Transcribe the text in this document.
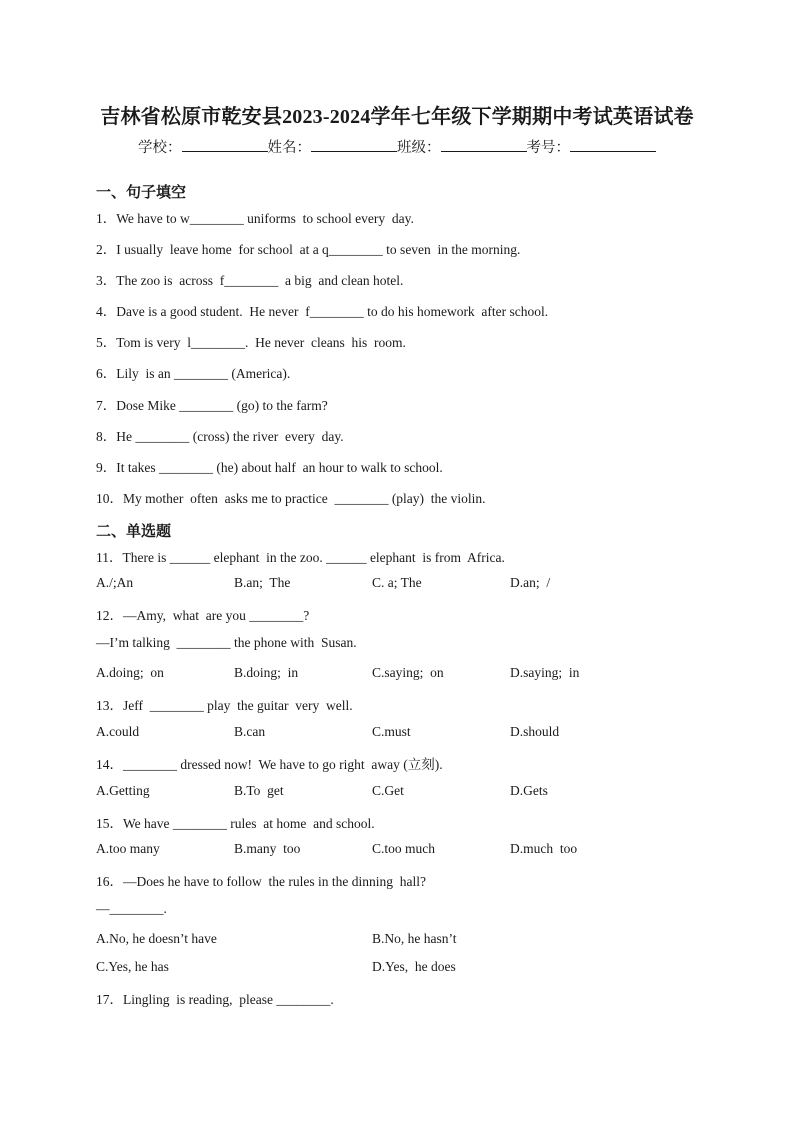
吉林省松原市乾安县2023-2024学年七年级下学期期中考试英语试卷
学校：	姓名：	班级：	考号：
一、句子填空
1．We have to w________ uniforms  to school every  day.
2．I usually  leave home  for school  at a q________ to seven  in the morning.
3．The zoo is  across  f________  a big  and clean hotel.
4．Dave is a good student.  He never  f________ to do his homework  after school.
5．Tom is very  l________.  He never  cleans  his  room.
6．Lily  is an ________ (America).
7．Dose Mike ________ (go) to the farm?
8．He ________ (cross) the river  every  day.
9．It takes ________ (he) about half  an hour to walk to school.
10．My mother  often  asks me to practice  ________ (play)  the violin.
二、单选题
11．There is ______ elephant  in the zoo. ______ elephant  is from  Africa.
A./;An	B.an;  The	C. a; The	D.an;  /
12．—Amy,  what  are you ________?
—I’m talking  ________ the phone with  Susan.
A.doing;  on	B.doing;  in	C.saying;  on	D.saying;  in
13．Jeff  ________ play  the guitar  very  well.
A.could	B.can	C.must	D.should
14．________ dressed now!  We have to go right  away (立刻).
A.Getting	B.To  get	C.Get	D.Gets
15．We have ________ rules  at home  and school.
A.too many	B.many  too	C.too much	D.much  too
16．—Does he have to follow  the rules in the dinning  hall?
—________.
A.No, he doesn’t have	B.No, he hasn’t
C.Yes, he has	D.Yes,  he does
17．Lingling  is reading,  please ________.
